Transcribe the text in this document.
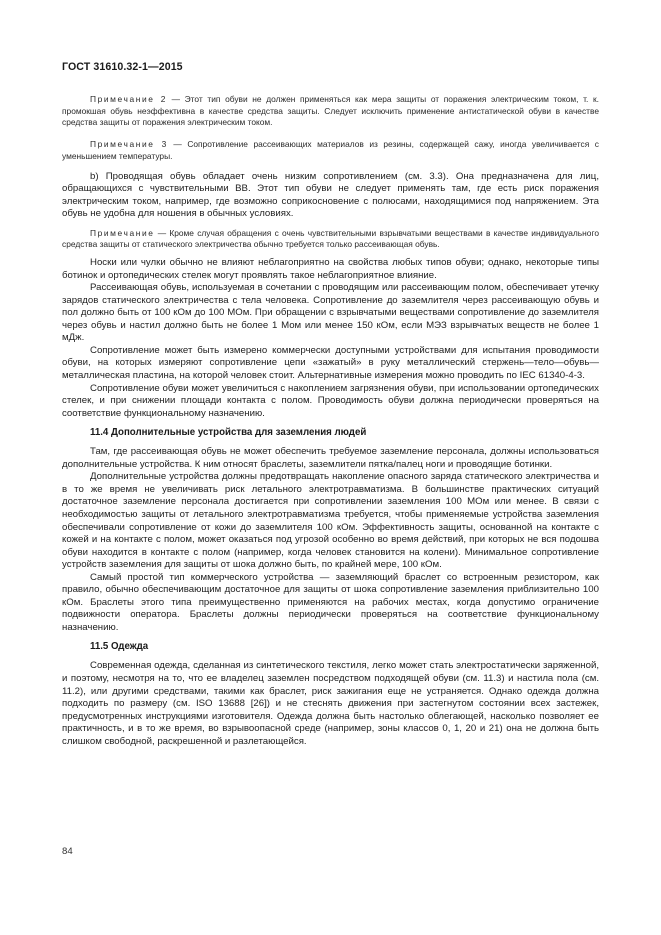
ГОСТ 31610.32-1—2015

Примечание 2 — Этот тип обуви не должен применяться как мера защиты от поражения электрическим током, т. к. промокшая обувь неэффективна в качестве средства защиты. Следует исключить применение антистатической обуви в качестве средства защиты от поражения электрическим током.

Примечание 3 — Сопротивление рассеивающих материалов из резины, содержащей сажу, иногда увеличивается с уменьшением температуры.

b) Проводящая обувь обладает очень низким сопротивлением (см. 3.3). Она предназначена для лиц, обращающихся с чувствительными ВВ. Этот тип обуви не следует применять там, где есть риск поражения электрическим током, например, где возможно соприкосновение с полюсами, находящимися под напряжением. Эта обувь не удобна для ношения в обычных условиях.

Примечание — Кроме случая обращения с очень чувствительными взрывчатыми веществами в качестве индивидуального средства защиты от статического электричества обычно требуется только рассеивающая обувь.

Носки или чулки обычно не влияют неблагоприятно на свойства любых типов обуви; однако, некоторые типы ботинок и ортопедических стелек могут проявлять такое неблагоприятное влияние.

Рассеивающая обувь, используемая в сочетании с проводящим или рассеивающим полом, обеспечивает утечку зарядов статического электричества с тела человека. Сопротивление до заземлителя через рассеивающую обувь и пол должно быть от 100 кОм до 100 МОм. При обращении с взрывчатыми веществами сопротивление до заземлителя через обувь и настил должно быть не более 1 Мом или менее 150 кОм, если МЭЗ взрывчатых веществ не более 1 мДж.

Сопротивление может быть измерено коммерчески доступными устройствами для испытания проводимости обуви, на которых измеряют сопротивление цепи «зажатый» в руку металлический стержень—тело—обувь—металлическая пластина, на которой человек стоит. Альтернативные измерения можно проводить по IEC 61340-4-3.

Сопротивление обуви может увеличиться с накоплением загрязнения обуви, при использовании ортопедических стелек, и при снижении площади контакта с полом. Проводимость обуви должна периодически проверяться на соответствие функциональному назначению.

11.4 Дополнительные устройства для заземления людей

Там, где рассеивающая обувь не может обеспечить требуемое заземление персонала, должны использоваться дополнительные устройства. К ним относят браслеты, заземлители пятка/палец ноги и проводящие ботинки.

Дополнительные устройства должны предотвращать накопление опасного заряда статического электричества и в то же время не увеличивать риск летального электротравматизма. В большинстве практических ситуаций достаточное заземление персонала достигается при сопротивлении заземления 100 МОм или менее. В связи с необходимостью защиты от летального электротравматизма требуется, чтобы применяемые устройства заземления обеспечивали сопротивление от кожи до заземлителя 100 кОм. Эффективность защиты, основанной на контакте с кожей и на контакте с полом, может оказаться под угрозой особенно во время действий, при которых не вся подошва обуви находится в контакте с полом (например, когда человек становится на колени). Минимальное сопротивление устройств заземления для защиты от шока должно быть, по крайней мере, 100 кОм.

Самый простой тип коммерческого устройства — заземляющий браслет со встроенным резистором, как правило, обычно обеспечивающим достаточное для защиты от шока сопротивление заземления приблизительно 100 кОм. Браслеты этого типа преимущественно применяются на рабочих местах, когда допустимо ограничение подвижности оператора. Браслеты должны периодически проверяться на соответствие функциональному назначению.

11.5 Одежда

Современная одежда, сделанная из синтетического текстиля, легко может стать электростатически заряженной, и поэтому, несмотря на то, что ее владелец заземлен посредством подходящей обуви (см. 11.3) и настила пола (см. 11.2), или другими средствами, такими как браслет, риск зажигания еще не устраняется. Однако одежда должна подходить по размеру (см. ISO 13688 [26]) и не стеснять движения при застегнутом состоянии всех застежек, предусмотренных инструкциями изготовителя. Одежда должна быть настолько облегающей, насколько позволяет ее практичность, и в то же время, во взрывоопасной среде (например, зоны классов 0, 1, 20 и 21) она не должна быть слишком свободной, раскрешенной и разлетающейся.

84
